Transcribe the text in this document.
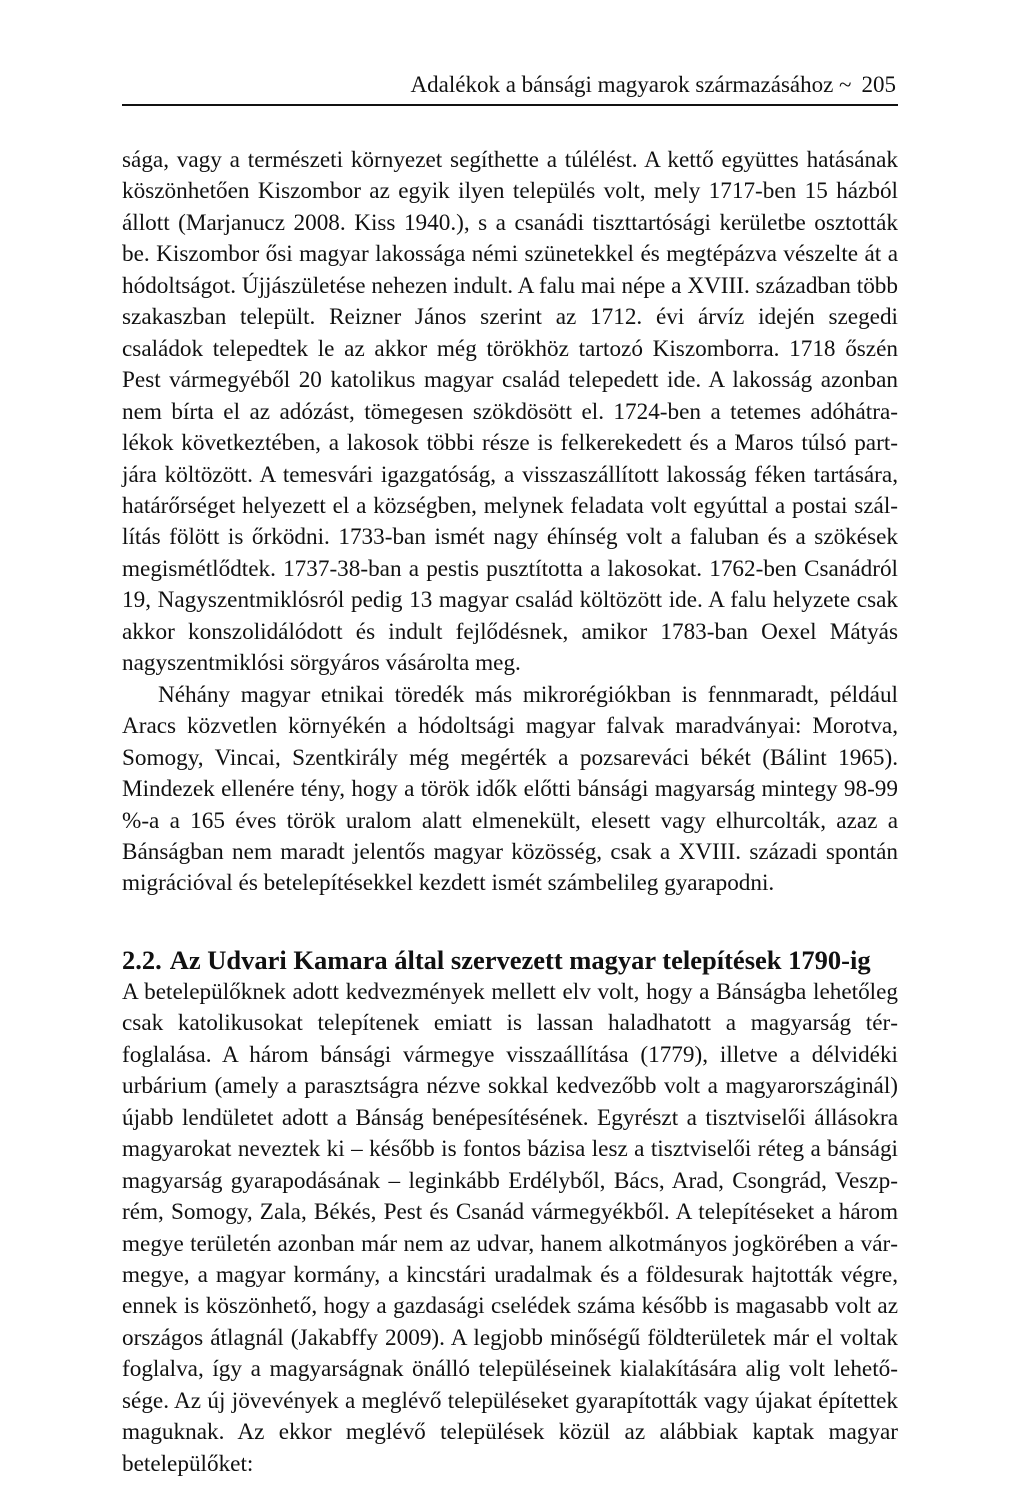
Adalékok a bánsági magyarok származásához ~ 205

sága, vagy a természeti környezet segíthette a túlélést. A kettő együttes hatásának köszönhetően Kiszombor az egyik ilyen település volt, mely 1717-ben 15 házból állott (Marjanucz 2008. Kiss 1940.), s a csanádi tiszttartósági kerületbe osztották be. Kiszombor ősi magyar lakossága némi szünetekkel és megtépázva vészelte át a hódoltságot. Újjászületése nehezen indult. A falu mai népe a XVIII. században több szakaszban települt. Reizner János szerint az 1712. évi árvíz idején szegedi családok telepedtek le az akkor még törökhöz tartozó Kiszomborra. 1718 őszén Pest vármegyéből 20 katolikus magyar család telepedett ide. A lakosság azonban nem bírta el az adózást, tömegesen szökdösött el. 1724-ben a tetemes adóhátralékok következtében, a lakosok többi része is felkerekedett és a Maros túlsó partjára költözött. A temesvári igazgatóság, a visszaszállított lakosság féken tartására, határőrséget helyezett el a községben, melynek feladata volt egyúttal a postai szállítás fölött is őrködni. 1733-ban ismét nagy éhínség volt a faluban és a szökések megismétlődtek. 1737-38-ban a pestis pusztította a lakosokat. 1762-ben Csanádról 19, Nagyszentmiklósról pedig 13 magyar család költözött ide. A falu helyzete csak akkor konszolidálódott és indult fejlődésnek, amikor 1783-ban Oexel Mátyás nagyszentmiklósi sörgyáros vásárolta meg.

Néhány magyar etnikai töredék más mikrorégiókban is fennmaradt, például Aracs közvetlen környékén a hódoltsági magyar falvak maradványai: Morotva, Somogy, Vincai, Szentkirály még megérték a pozsareváci békét (Bálint 1965). Mindezek ellenére tény, hogy a török idők előtti bánsági magyarság mintegy 98-99 %-a a 165 éves török uralom alatt elmenekült, elesett vagy elhurcolták, azaz a Bánságban nem maradt jelentős magyar közösség, csak a XVIII. századi spontán migrációval és betelepítésekkel kezdett ismét számbelileg gyarapodni.

2.2. Az Udvari Kamara által szervezett magyar telepítések 1790-ig

A betelepülőknek adott kedvezmények mellett elv volt, hogy a Bánságba lehetőleg csak katolikusokat telepítenek emiatt is lassan haladhatott a magyarság térfoglalása. A három bánsági vármegye visszaállítása (1779), illetve a délvidéki urbárium (amely a parasztságra nézve sokkal kedvezőbb volt a magyarországinál) újabb lendületet adott a Bánság benépesítésének. Egyrészt a tisztviselői állásokra magyarokat neveztek ki – később is fontos bázisa lesz a tisztviselői réteg a bánsági magyarság gyarapodásának – leginkább Erdélyből, Bács, Arad, Csongrád, Veszprém, Somogy, Zala, Békés, Pest és Csanád vármegyékből. A telepítéseket a három megye területén azonban már nem az udvar, hanem alkotmányos jogkörében a vármegye, a magyar kormány, a kincstári uradalmak és a földesurak hajtották végre, ennek is köszönhető, hogy a gazdasági cselédek száma később is magasabb volt az országos átlagnál (Jakabffy 2009). A legjobb minőségű földterületek már el voltak foglalva, így a magyarságnak önálló településeinek kialakítására alig volt lehetősége. Az új jövevények a meglévő településeket gyarapították vagy újakat építettek maguknak. Az ekkor meglévő települések közül az alábbiak kaptak magyar betelepülőket:
